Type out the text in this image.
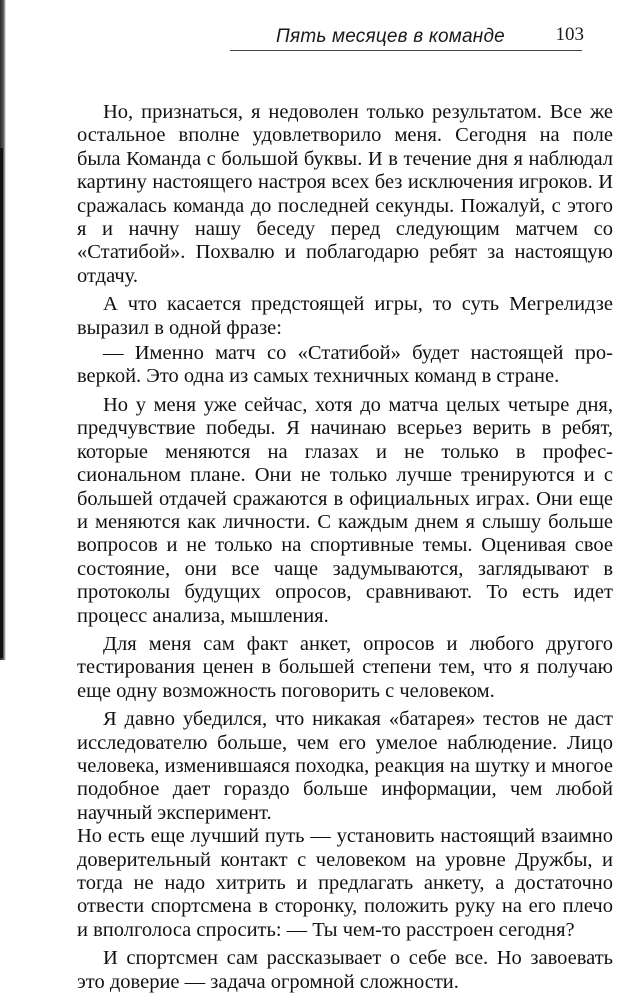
Пять месяцев в команде	103

Но, признаться, я недоволен только результатом. Все же остальное вполне удовлетворило меня. Сегодня на поле была Команда с большой буквы. И в течение дня я наблюдал картину настоящего настроя всех без исключения игроков. И сражалась команда до последней секунды. Пожалуй, с этого я и начну нашу беседу перед следующим матчем со «Статибой». Похвалю и поблагодарю ребят за настоящую отдачу.

А что касается предстоящей игры, то суть Мегрелидзе выразил в одной фразе:

— Именно матч со «Статибой» будет настоящей проверкой. Это одна из самых техничных команд в стране.

Но у меня уже сейчас, хотя до матча целых четыре дня, предчувствие победы. Я начинаю всерьез верить в ребят, которые меняются на глазах и не только в профессиональном плане. Они не только лучше тренируются и с большей отдачей сражаются в официальных играх. Они еще и меняются как личности. С каждым днем я слышу больше вопросов и не только на спортивные темы. Оценивая свое состояние, они все чаще задумываются, заглядывают в протоколы будущих опросов, сравнивают. То есть идет процесс анализа, мышления.

Для меня сам факт анкет, опросов и любого другого тестирования ценен в большей степени тем, что я получаю еще одну возможность поговорить с человеком.

Я давно убедился, что никакая «батарея» тестов не даст исследователю больше, чем его умелое наблюдение. Лицо человека, изменившаяся походка, реакция на шутку и многое подобное дает гораздо больше информации, чем любой научный эксперимент.

Но есть еще лучший путь — установить настоящий взаимно доверительный контакт с человеком на уровне Дружбы, и тогда не надо хитрить и предлагать анкету, а достаточно отвести спортсмена в сторонку, положить руку на его плечо и вполголоса спросить: — Ты чем-то расстроен сегодня?

И спортсмен сам рассказывает о себе все. Но завоевать это доверие — задача огромной сложности.
